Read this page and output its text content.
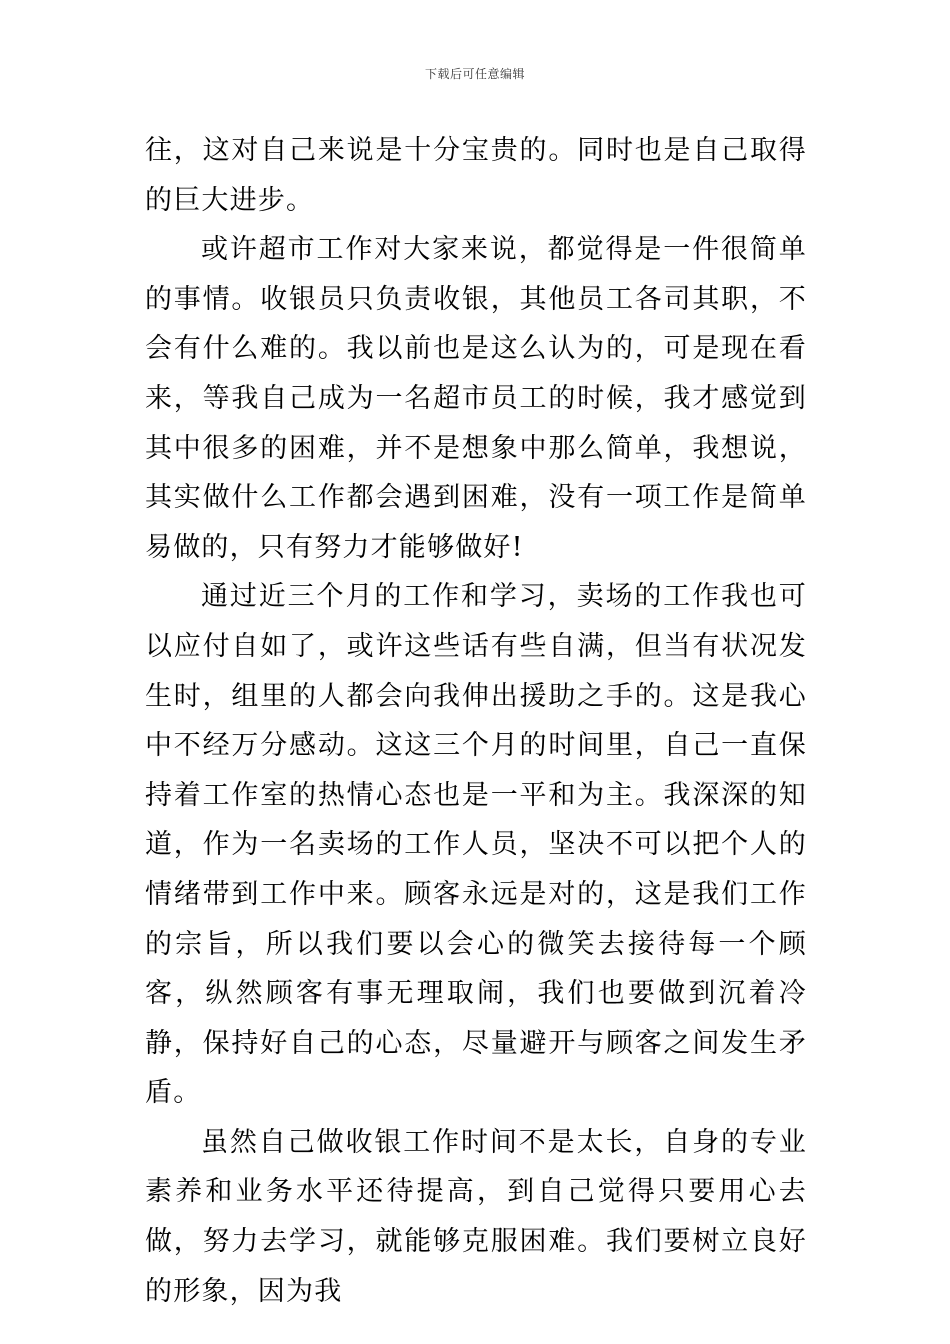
下载后可任意编辑

往，这对自己来说是十分宝贵的。同时也是自己取得的巨大进步。

或许超市工作对大家来说，都觉得是一件很简单的事情。收银员只负责收银，其他员工各司其职，不会有什么难的。我以前也是这么认为的，可是现在看来，等我自己成为一名超市员工的时候，我才感觉到其中很多的困难，并不是想象中那么简单，我想说，其实做什么工作都会遇到困难，没有一项工作是简单易做的，只有努力才能够做好!

通过近三个月的工作和学习，卖场的工作我也可以应付自如了，或许这些话有些自满，但当有状况发生时，组里的人都会向我伸出援助之手的。这是我心中不经万分感动。这这三个月的时间里，自己一直保持着工作室的热情心态也是一平和为主。我深深的知道，作为一名卖场的工作人员，坚决不可以把个人的情绪带到工作中来。顾客永远是对的，这是我们工作的宗旨，所以我们要以会心的微笑去接待每一个顾客，纵然顾客有事无理取闹，我们也要做到沉着冷静，保持好自己的心态，尽量避开与顾客之间发生矛盾。

虽然自己做收银工作时间不是太长，自身的专业素养和业务水平还待提高，到自己觉得只要用心去做，努力去学习，就能够克服困难。我们要树立良好的形象，因为我
